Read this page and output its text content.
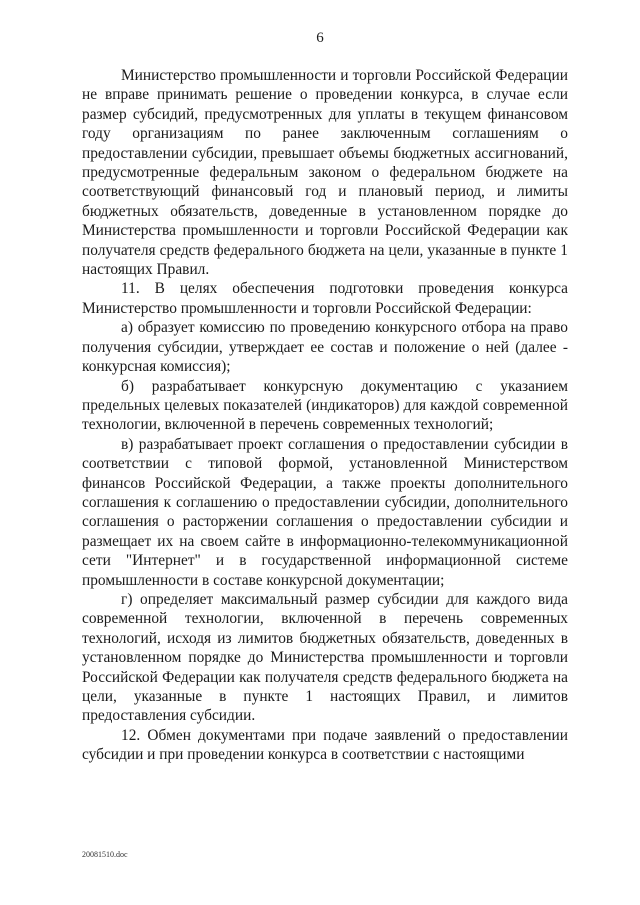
6

Министерство промышленности и торговли Российской Федерации не вправе принимать решение о проведении конкурса, в случае если размер субсидий, предусмотренных для уплаты в текущем финансовом году организациям по ранее заключенным соглашениям о предоставлении субсидии, превышает объемы бюджетных ассигнований, предусмотренные федеральным законом о федеральном бюджете на соответствующий финансовый год и плановый период, и лимиты бюджетных обязательств, доведенные в установленном порядке до Министерства промышленности и торговли Российской Федерации как получателя средств федерального бюджета на цели, указанные в пункте 1 настоящих Правил.

11. В целях обеспечения подготовки проведения конкурса Министерство промышленности и торговли Российской Федерации:

а) образует комиссию по проведению конкурсного отбора на право получения субсидии, утверждает ее состав и положение о ней (далее - конкурсная комиссия);

б) разрабатывает конкурсную документацию с указанием предельных целевых показателей (индикаторов) для каждой современной технологии, включенной в перечень современных технологий;

в) разрабатывает проект соглашения о предоставлении субсидии в соответствии с типовой формой, установленной Министерством финансов Российской Федерации, а также проекты дополнительного соглашения к соглашению о предоставлении субсидии, дополнительного соглашения о расторжении соглашения о предоставлении субсидии и размещает их на своем сайте в информационно-телекоммуникационной сети "Интернет" и в государственной информационной системе промышленности в составе конкурсной документации;

г) определяет максимальный размер субсидии для каждого вида современной технологии, включенной в перечень современных технологий, исходя из лимитов бюджетных обязательств, доведенных в установленном порядке до Министерства промышленности и торговли Российской Федерации как получателя средств федерального бюджета на цели, указанные в пункте 1 настоящих Правил, и лимитов предоставления субсидии.

12. Обмен документами при подаче заявлений о предоставлении субсидии и при проведении конкурса в соответствии с настоящими

20081510.doc
